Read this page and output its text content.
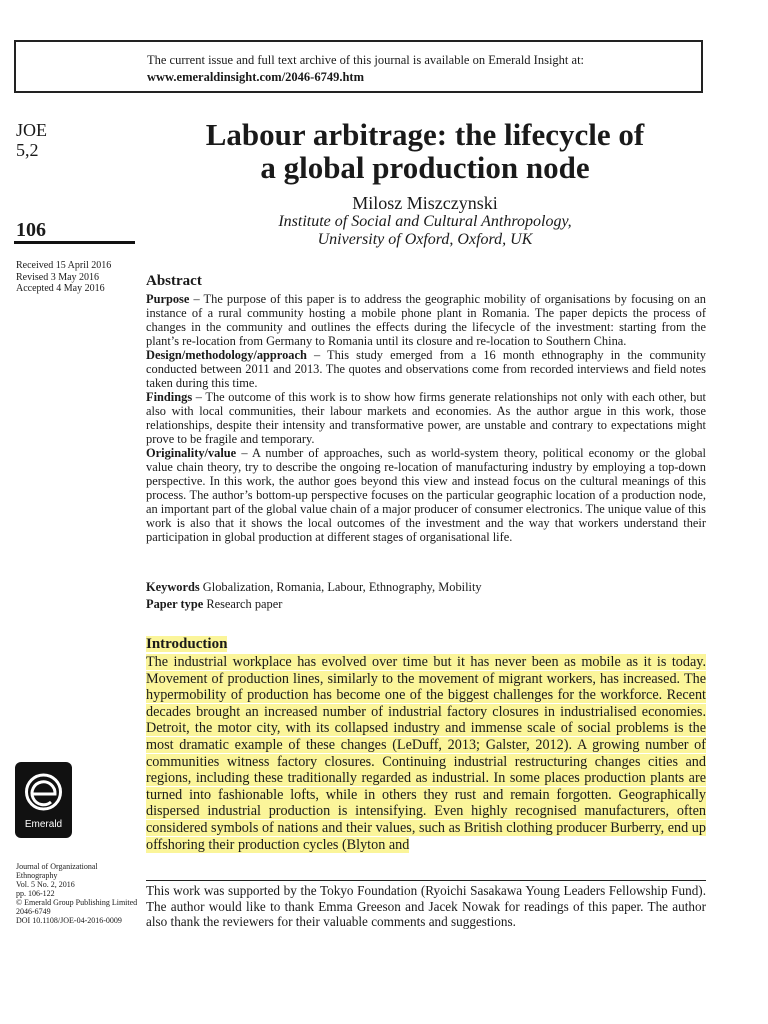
The current issue and full text archive of this journal is available on Emerald Insight at:
www.emeraldinsight.com/2046-6749.htm
JOE
5,2
106
Received 15 April 2016
Revised 3 May 2016
Accepted 4 May 2016
Labour arbitrage: the lifecycle of
a global production node
Milosz Miszczynski
Institute of Social and Cultural Anthropology,
University of Oxford, Oxford, UK
Abstract

Purpose – The purpose of this paper is to address the geographic mobility of organisations by focusing on an instance of a rural community hosting a mobile phone plant in Romania. The paper depicts the process of changes in the community and outlines the effects during the lifecycle of the investment: starting from the plant’s re-location from Germany to Romania until its closure and re-location to Southern China.

Design/methodology/approach – This study emerged from a 16 month ethnography in the community conducted between 2011 and 2013. The quotes and observations come from recorded interviews and field notes taken during this time.

Findings – The outcome of this work is to show how firms generate relationships not only with each other, but also with local communities, their labour markets and economies. As the author argue in this work, those relationships, despite their intensity and transformative power, are unstable and contrary to expectations might prove to be fragile and temporary.

Originality/value – A number of approaches, such as world-system theory, political economy or the global value chain theory, try to describe the ongoing re-location of manufacturing industry by employing a top-down perspective. In this work, the author goes beyond this view and instead focus on the cultural meanings of this process. The author’s bottom-up perspective focuses on the particular geographic location of a production node, an important part of the global value chain of a major producer of consumer electronics. The unique value of this work is also that it shows the local outcomes of the investment and the way that workers understand their participation in global production at different stages of organisational life.

Keywords Globalization, Romania, Labour, Ethnography, Mobility
Paper type Research paper
Introduction
The industrial workplace has evolved over time but it has never been as mobile as it is today. Movement of production lines, similarly to the movement of migrant workers, has increased. The hypermobility of production has become one of the biggest challenges for the workforce. Recent decades brought an increased number of industrial factory closures in industrialised economies. Detroit, the motor city, with its collapsed industry and immense scale of social problems is the most dramatic example of these changes (LeDuff, 2013; Galster, 2012). A growing number of communities witness factory closures. Continuing industrial restructuring changes cities and regions, including these traditionally regarded as industrial. In some places production plants are turned into fashionable lofts, while in others they rust and remain forgotten. Geographically dispersed industrial production is intensifying. Even highly recognised manufacturers, often considered symbols of nations and their values, such as British clothing producer Burberry, end up offshoring their production cycles (Blyton and
Emerald
Journal of Organizational
Ethnography
Vol. 5 No. 2, 2016
pp. 106-122
© Emerald Group Publishing Limited
2046-6749
DOI 10.1108/JOE-04-2016-0009
This work was supported by the Tokyo Foundation (Ryoichi Sasakawa Young Leaders Fellowship Fund). The author would like to thank Emma Greeson and Jacek Nowak for readings of this paper. The author also thank the reviewers for their valuable comments and suggestions.
